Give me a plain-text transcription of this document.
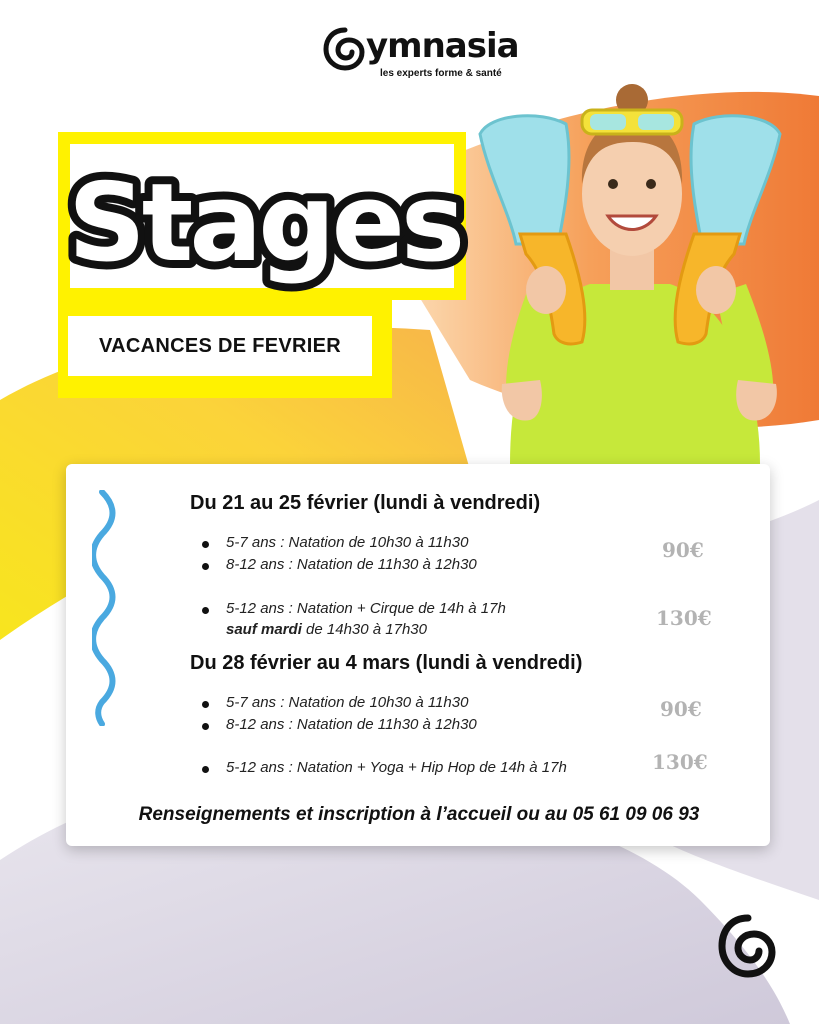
ymnasia
les experts forme & santé
Stages
VACANCES DE FEVRIER
Du 21 au 25 février (lundi à vendredi)
5-7 ans : Natation de 10h30 à 11h30
8-12 ans : Natation de 11h30 à 12h30
90€
5-12 ans : Natation + Cirque de 14h à 17h
sauf mardi de 14h30 à 17h30	130€
Du 28 février au 4 mars (lundi à vendredi)
5-7 ans : Natation de 10h30 à 11h30
8-12 ans : Natation de 11h30 à 12h30
90€
5-12 ans : Natation + Yoga + Hip Hop de 14h à 17h	130€
Renseignements et inscription à l’accueil ou au 05 61 09 06 93
